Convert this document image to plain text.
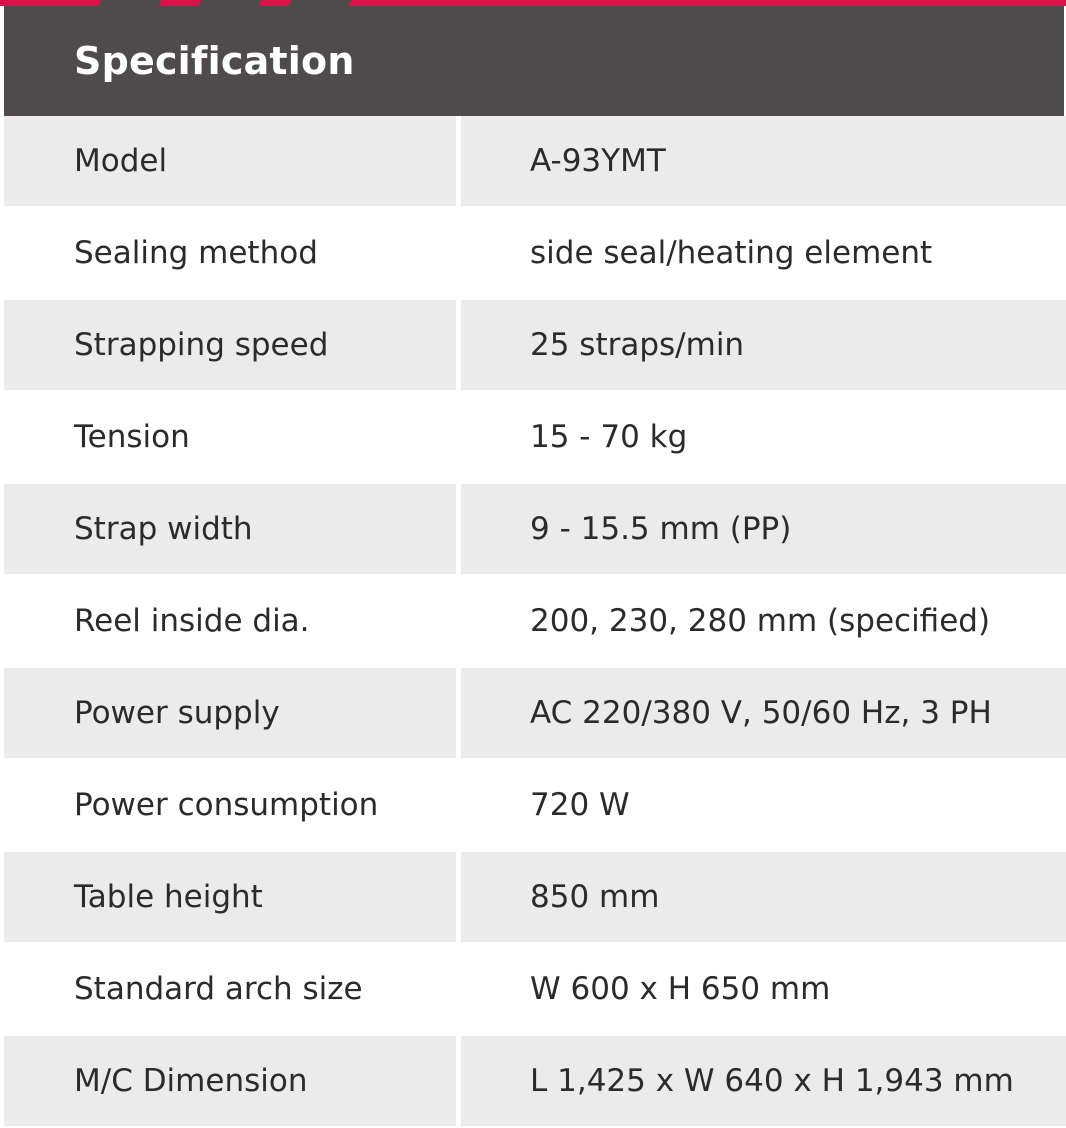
Specification
Model	A-93YMT
Sealing method	side seal/heating element
Strapping speed	25 straps/min
Tension	15 - 70 kg
Strap width	9 - 15.5 mm (PP)
Reel inside dia.	200, 230, 280 mm (specified)
Power supply	AC 220/380 V, 50/60 Hz, 3 PH
Power consumption	720 W
Table height	850 mm
Standard arch size	W 600 x H 650 mm
M/C Dimension	L 1,425 x W 640 x H 1,943 mm
